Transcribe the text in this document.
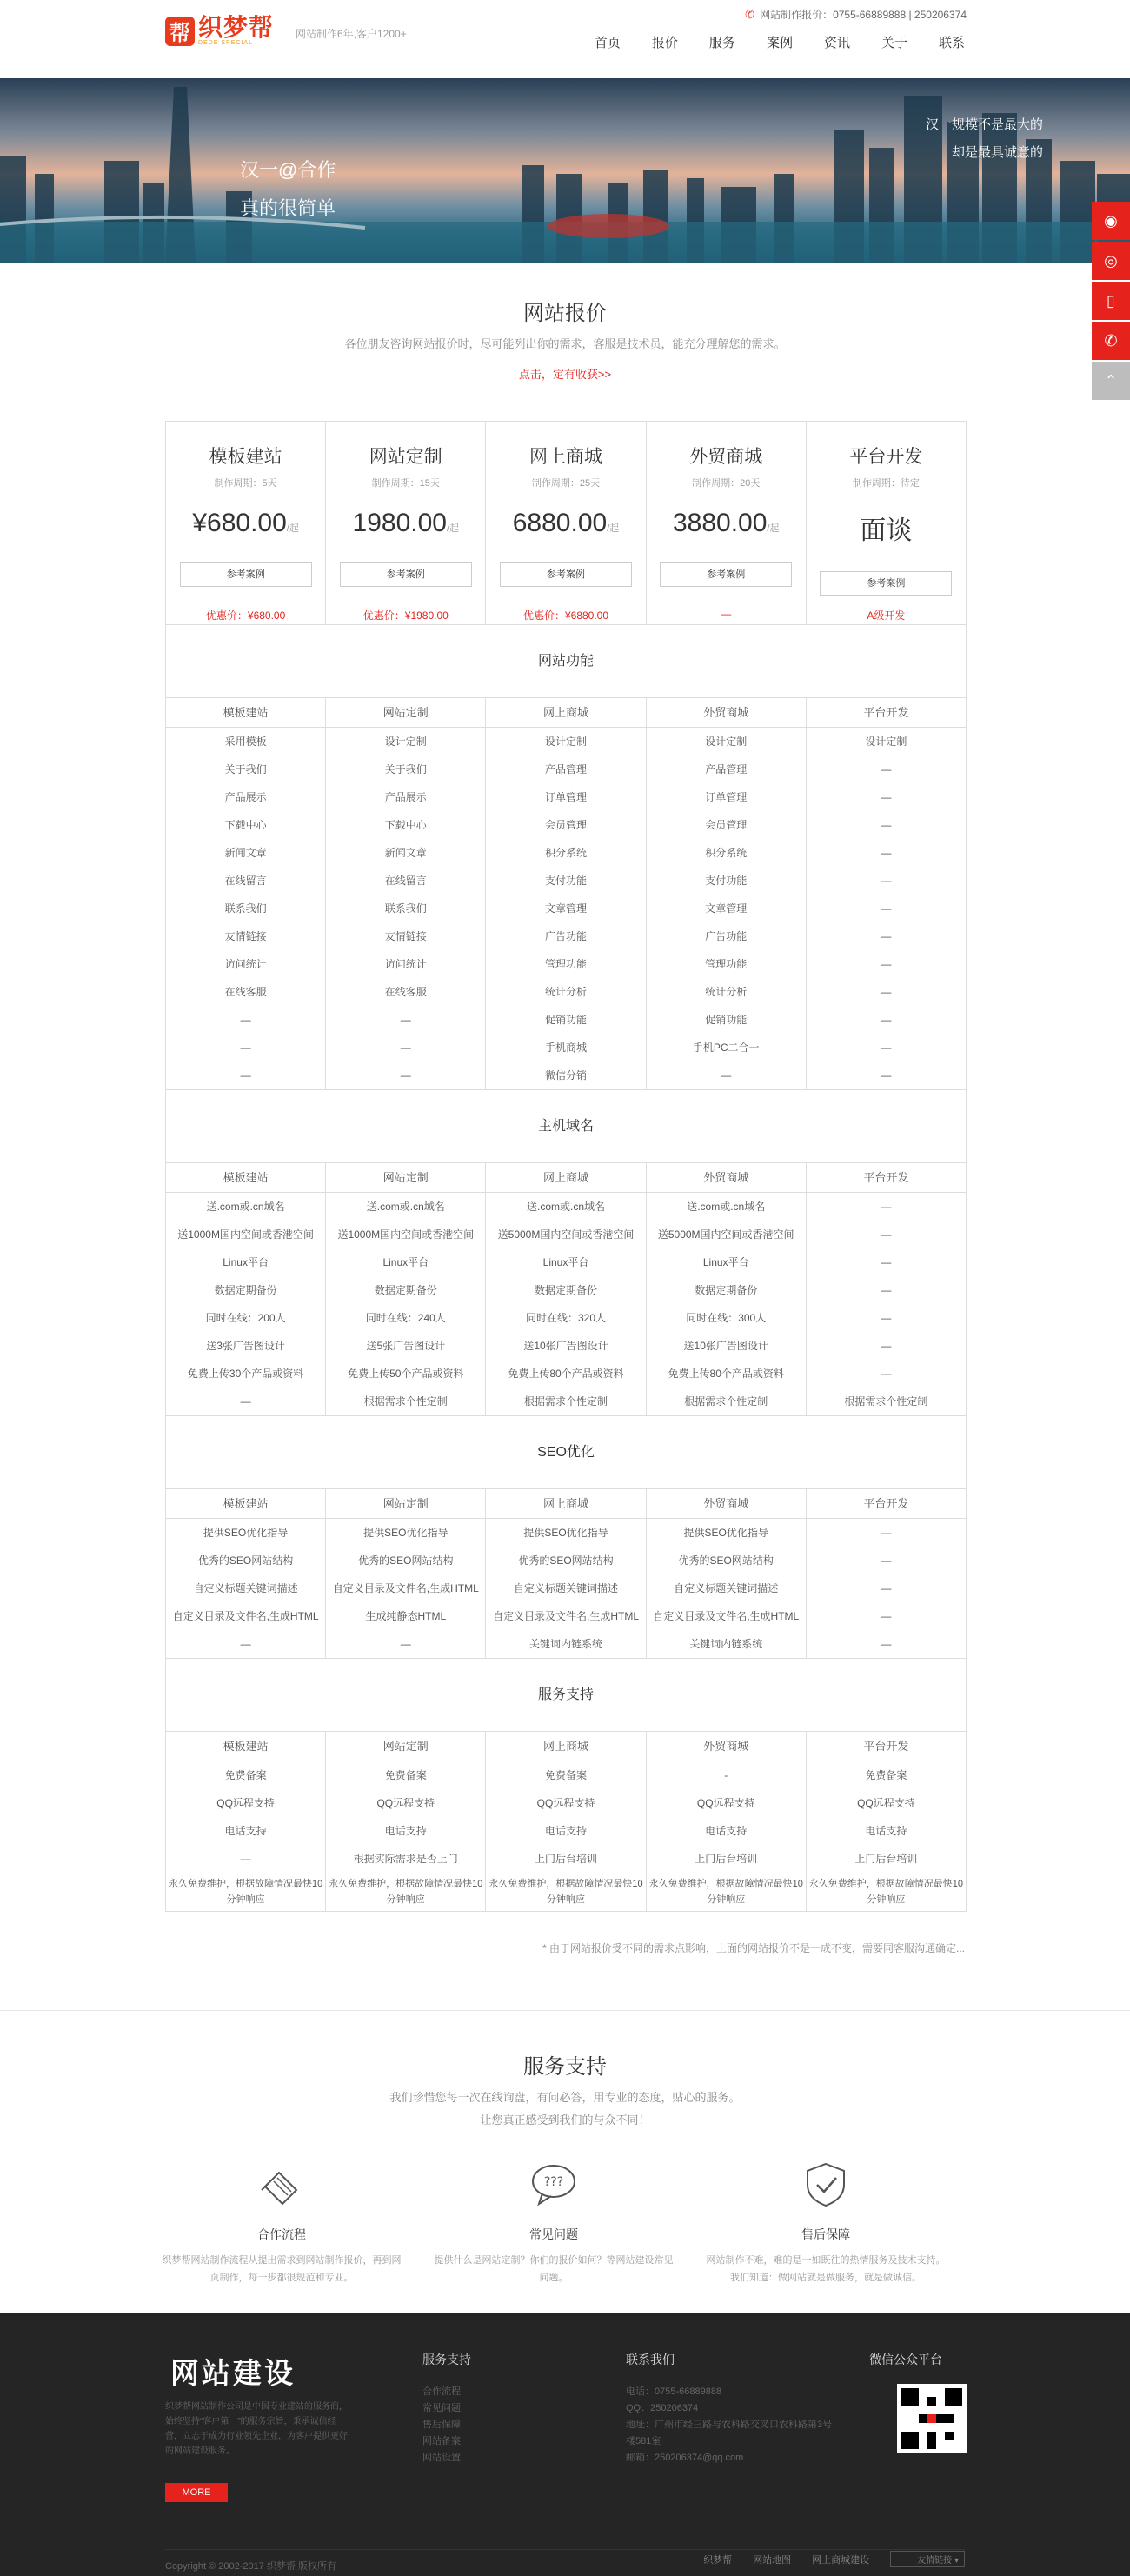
帮 织梦帮
DEDE SPECIAL
网站制作6年,客户1200+
✆ 网站制作报价：0755-66889888 | 250206374
首页 报价 服务 案例 资讯 关于 联系
汉一@合作
真的很简单
汉一规模不是最大的
却是最具诚意的
◉
◎
▯
✆
⌃
网站报价
各位朋友咨询网站报价时，尽可能列出你的需求，客服是技术员，能充分理解您的需求。
点击，定有收获>>
模板建站
制作周期：5天
¥680.00/起
参考案例
优惠价：¥680.00
网站定制
制作周期：15天
1980.00/起
参考案例
优惠价：¥1980.00
网上商城
制作周期：25天
6880.00/起
参考案例
优惠价：¥6880.00
外贸商城
制作周期：20天
3880.00/起
参考案例
—
平台开发
制作周期：待定
面谈
参考案例
A级开发
网站功能
模板建站
采用模板
关于我们
产品展示
下载中心
新闻文章
在线留言
联系我们
友情链接
访问统计
在线客服
—
—
—
网站定制
设计定制
关于我们
产品展示
下载中心
新闻文章
在线留言
联系我们
友情链接
访问统计
在线客服
—
—
—
网上商城
设计定制
产品管理
订单管理
会员管理
积分系统
支付功能
文章管理
广告功能
管理功能
统计分析
促销功能
手机商城
微信分销
外贸商城
设计定制
产品管理
订单管理
会员管理
积分系统
支付功能
文章管理
广告功能
管理功能
统计分析
促销功能
手机PC二合一
—
平台开发
设计定制
—
—
—
—
—
—
—
—
—
—
—
—
主机域名
模板建站
送.com或.cn域名
送1000M国内空间或香港空间
Linux平台
数据定期备份
同时在线：200人
送3张广告图设计
免费上传30个产品或资料
—
网站定制
送.com或.cn域名
送1000M国内空间或香港空间
Linux平台
数据定期备份
同时在线：240人
送5张广告图设计
免费上传50个产品或资料
根据需求个性定制
网上商城
送.com或.cn域名
送5000M国内空间或香港空间
Linux平台
数据定期备份
同时在线：320人
送10张广告图设计
免费上传80个产品或资料
根据需求个性定制
外贸商城
送.com或.cn域名
送5000M国内空间或香港空间
Linux平台
数据定期备份
同时在线：300人
送10张广告图设计
免费上传80个产品或资料
根据需求个性定制
平台开发
—
—
—
—
—
—
—
根据需求个性定制
SEO优化
模板建站
提供SEO优化指导
优秀的SEO网站结构
自定义标题关键词描述
自定义目录及文件名,生成HTML
—
网站定制
提供SEO优化指导
优秀的SEO网站结构
自定义目录及文件名,生成HTML
生成纯静态HTML
—
网上商城
提供SEO优化指导
优秀的SEO网站结构
自定义标题关键词描述
自定义目录及文件名,生成HTML
关键词内链系统
外贸商城
提供SEO优化指导
优秀的SEO网站结构
自定义标题关键词描述
自定义目录及文件名,生成HTML
关键词内链系统
平台开发
—
—
—
—
—
服务支持
模板建站
免费备案
QQ远程支持
电话支持
—
永久免费维护，根据故障情况最快10分钟响应
网站定制
免费备案
QQ远程支持
电话支持
根据实际需求是否上门
永久免费维护，根据故障情况最快10分钟响应
网上商城
免费备案
QQ远程支持
电话支持
上门后台培训
永久免费维护，根据故障情况最快10分钟响应
外贸商城
-
QQ远程支持
电话支持
上门后台培训
永久免费维护，根据故障情况最快10分钟响应
平台开发
免费备案
QQ远程支持
电话支持
上门后台培训
永久免费维护，根据故障情况最快10分钟响应
* 由于网站报价受不同的需求点影响，上面的网站报价不是一成不变，需要同客服沟通确定...
服务支持
我们珍惜您每一次在线询盘，有问必答，用专业的态度，贴心的服务。
让您真正感受到我们的与众不同！
合作流程
织梦帮网站制作流程从提出需求到网站制作报价，再到网页制作，每一步都很规范和专业。
???
常见问题
提供什么是网站定制？你们的报价如何？等网站建设常见问题。
售后保障
网站制作不难，难的是一如既往的热情服务及技术支持。我们知道：做网站就是做服务，就是做诚信。
网站建设
织梦帮网站制作公司是中国专业建站的服务商，始终坚持“客户第一”的服务宗旨，秉承诚信经营，立志于成为行业领先企业，为客户提供更好的网站建设服务。
MORE
服务支持
合作流程
常见问题
售后保障
网站备案
网站设置
联系我们
电话：0755-66889888
QQ：250206374
地址：广州市经三路与农科路交叉口农科路第3号楼581室
邮箱：250206374@qq.com
微信公众平台
Copyright © 2002-2017 织梦帮 版权所有
织梦帮 网站地图 网上商城建设	友情链接 ▾
